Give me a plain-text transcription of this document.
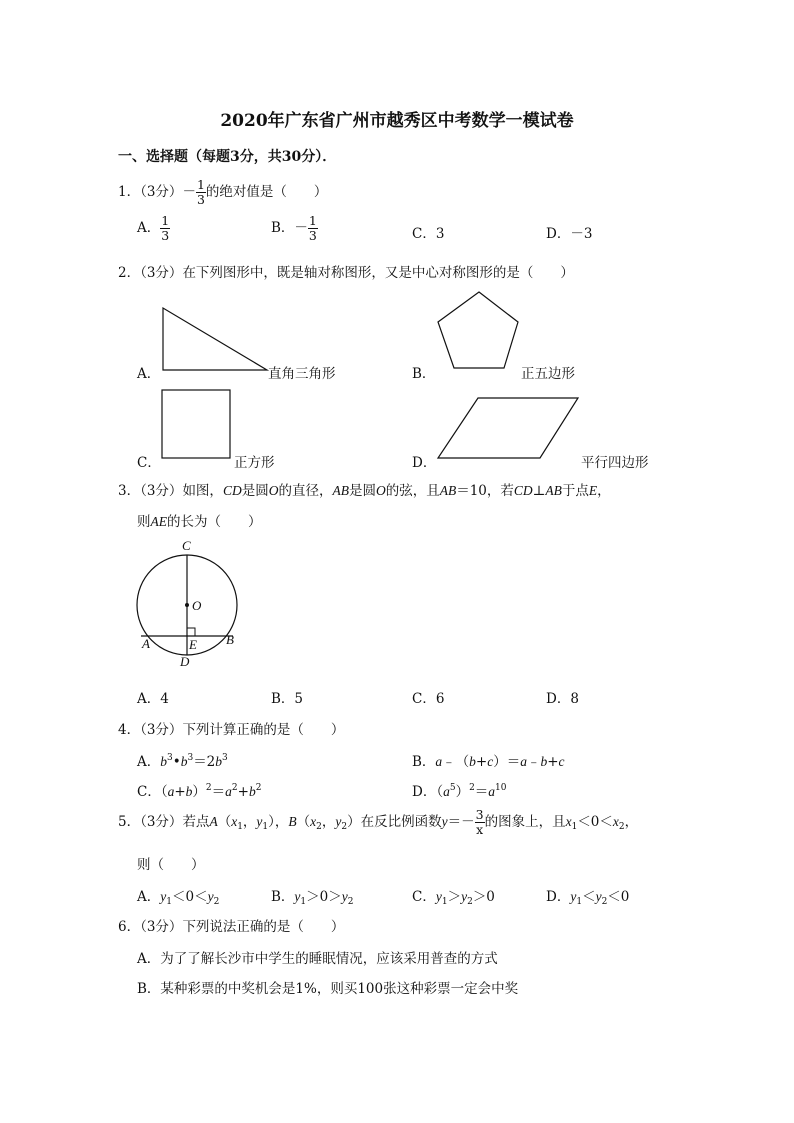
2020年广东省广州市越秀区中考数学一模试卷
一、选择题（每题3分，共30分）．
1．（3分）－ $\frac{1}{3}$ 的绝对值是（　　）
A． $\frac{1}{3}$	B．－ $\frac{1}{3}$	C．3	D．－3
2．（3分）在下列图形中，既是轴对称图形，又是中心对称图形的是（　　）
A．	直角三角形	B．	正五边形
C．	正方形	D．	平行四边形
3．（3分）如图，CD是圆O的直径，AB是圆O的弦，且AB＝10，若CD⊥AB于点E，
则AE的长为（　　）
C
O
A	E B
D
A．4	B．5	C．6	D．8
4．（3分）下列计算正确的是（　　）
A．$b^3•b^3=2b^3$	B．a﹣（b+c）＝a﹣b+c
C．$(a+b)^2=a^2+b^2$	D．$(a^5)^2=a^{10}$
5．（3分）若点$A(x_1$，$y_1$），$B(x_2$，$y_2$）在反比例函数$y=- \frac{3}{x}$ 的图象上，且$x_1<0<x_2$，
则（　　）
A．$y_1<0<y_2$	B．$y_1>0>y_2$	C．$y_1>y_2>0$	D．$y_1<y_2<0$
6．（3分）下列说法正确的是（　　）
A．为了了解长沙市中学生的睡眠情况，应该采用普查的方式
B．某种彩票的中奖机会是1%，则买100张这种彩票一定会中奖
